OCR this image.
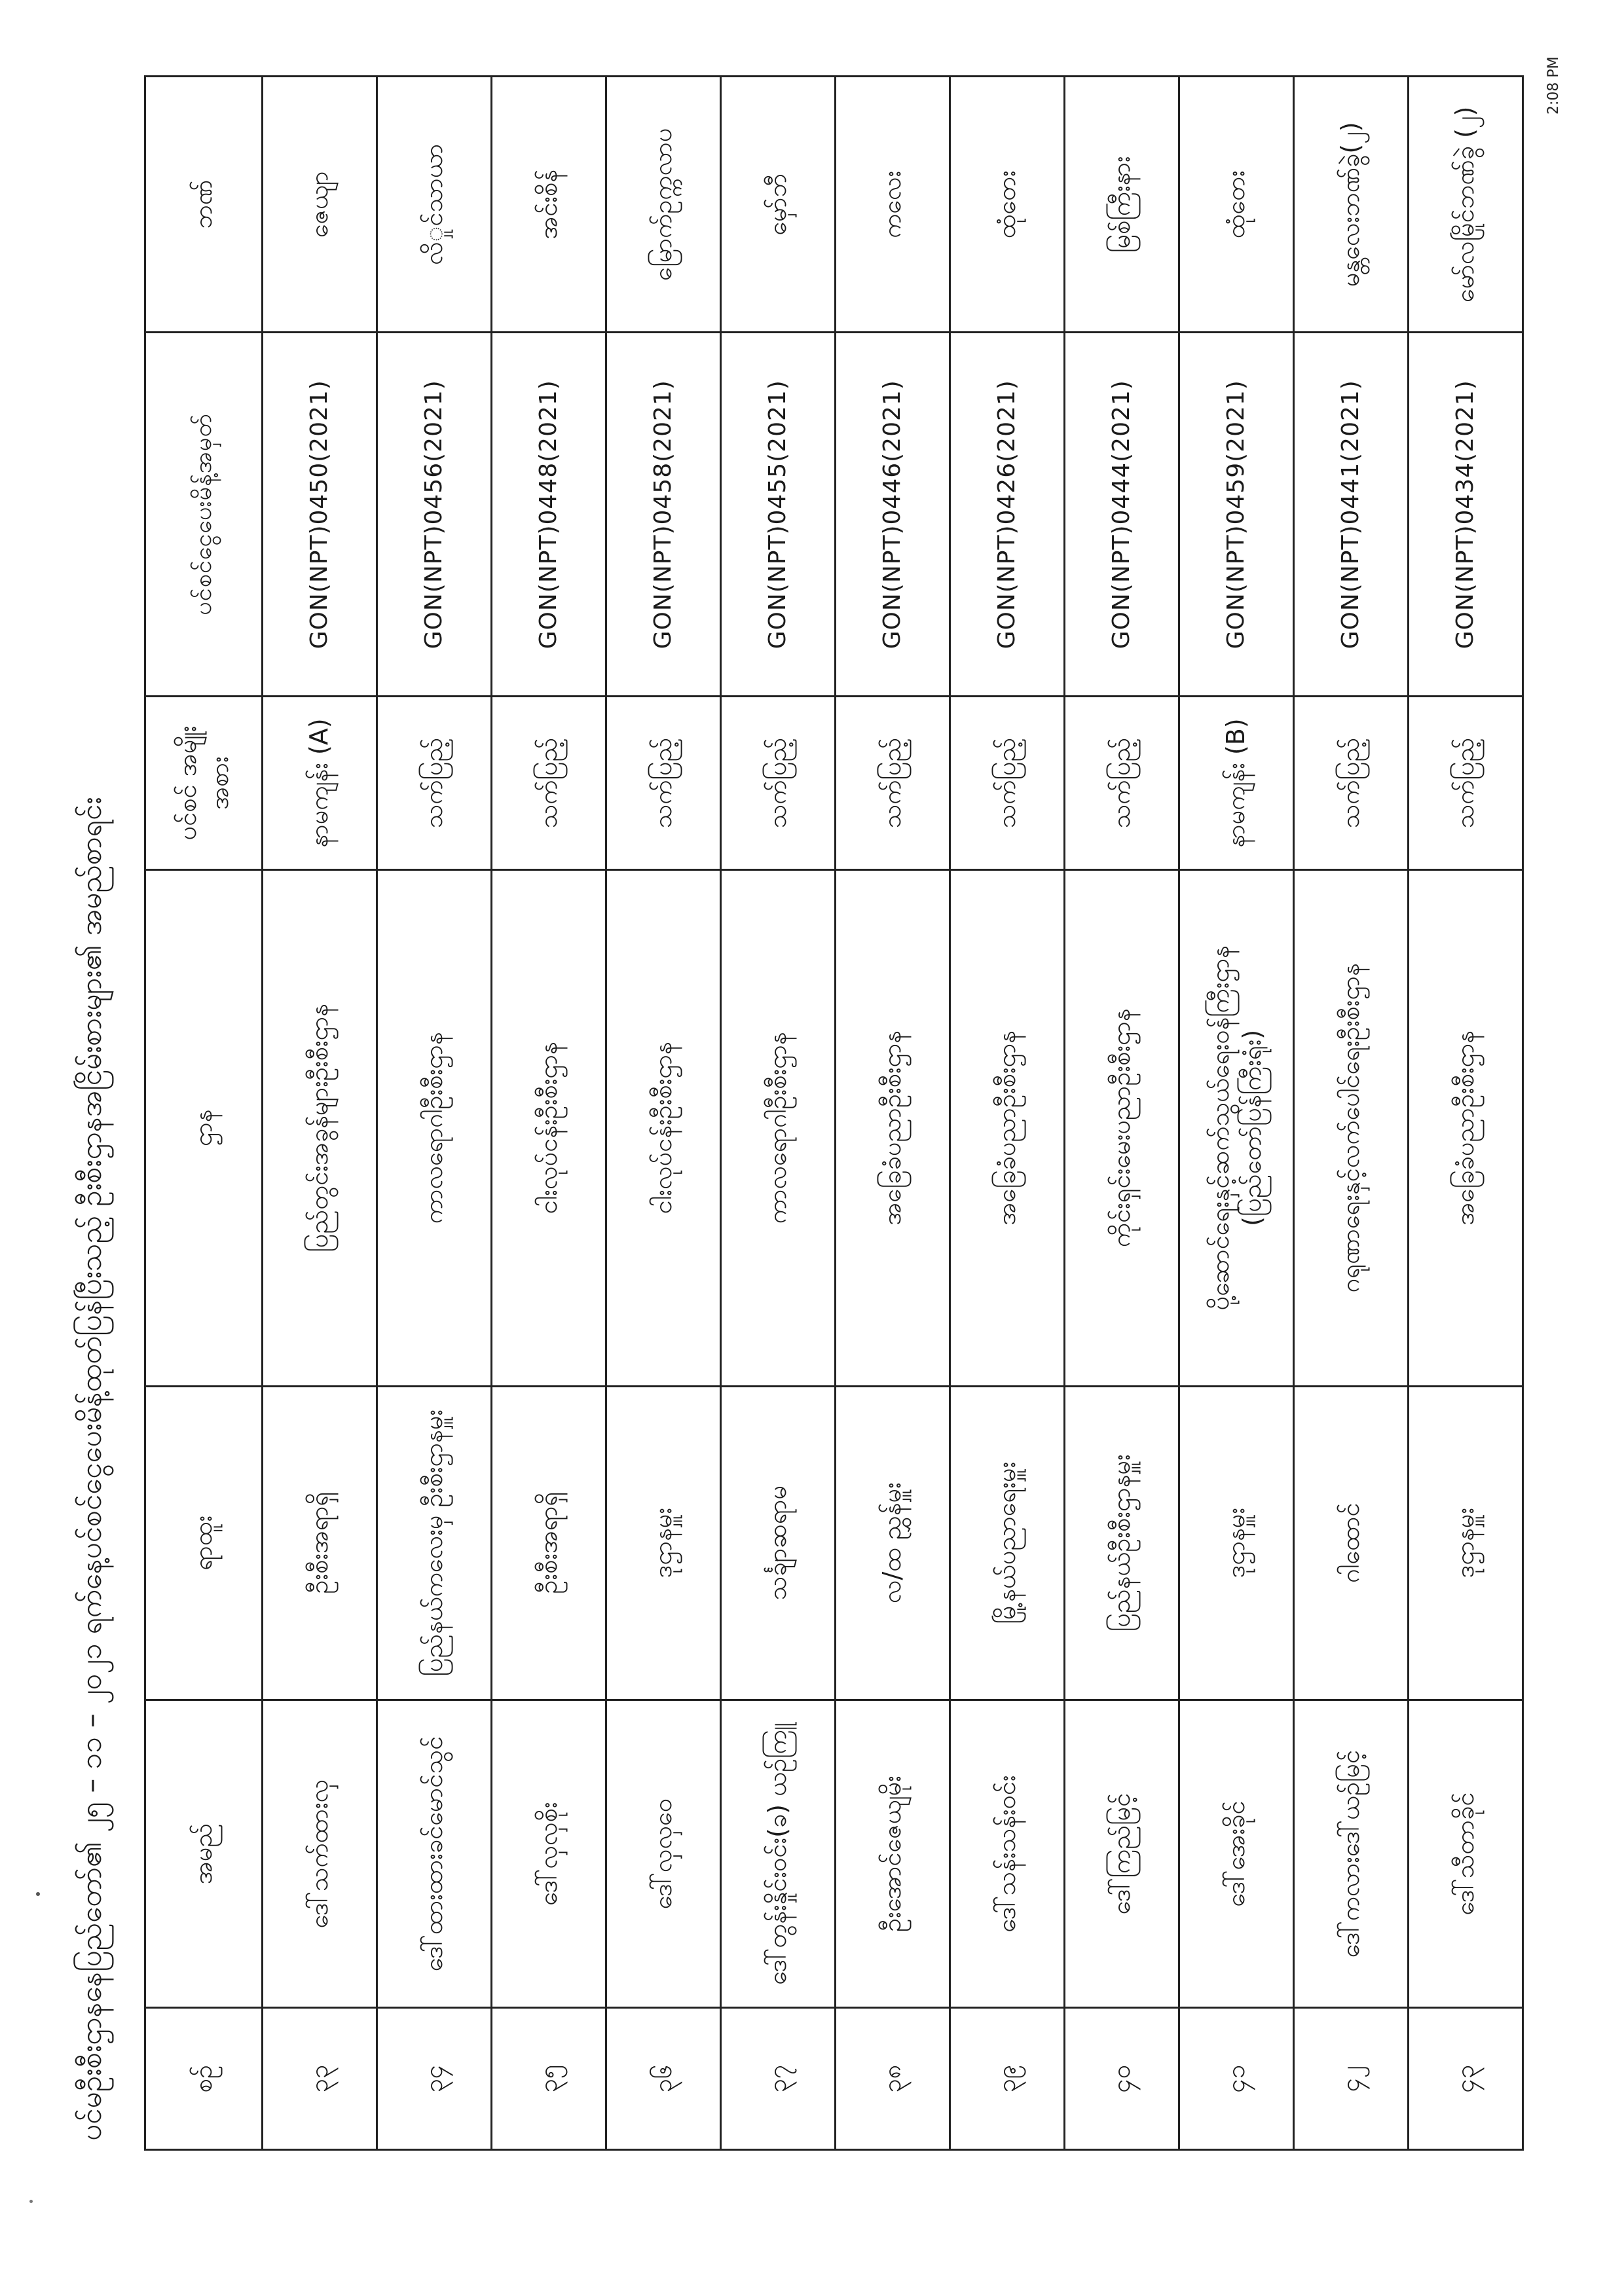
ပင်မဦးစီးဌာနနေပြည်တော်၏ ၂၅ – ၁၁ – ၂၀၂၁ ရက်နေ့ပင်စင်ငွေပေးမိန့်ထုတ်ပြန်ပြီးသည့် ဦးစီးဌာနအငြိမ်းစားများ၏ အမည်စာရင်း	စဉ်	အမည်	ရာထူး	ဌာန	ပင်စင် အမျိုးအစား	ပင်စင်ငွေပေးမိန့်အမှတ်	ဘဏ်
၃၃	ဒေါ်သက်ထားလှ	ဦးစီးအရာရှိ	ပြည်တွင်းအခွန်များဦးစီးဌာန	နာမကျန်း (A)	GON(NPT)0450(2021)	ဇေယျာ
၃၄	ဒေါ်ထားထားခင်မောင်သွင်	ပြည်နယ်ကလေးမှ ဦးစီးဌာနမှူး	ကာလရောဂါဦးစီးဌာန	သက်ပြည့်	GON(NPT)0456(2021)	လိှုင်သာယာ
၃၅	ဒေါ်လှလှစိုး	ဦးစီးအရာရှိ	ငါးလုပ်ငန်းဦးစီးဌာန	သက်ပြည့်	GON(NPT)0448(2021)	အင်းစိန်
၃၆	ဒေါ်လှလှဝေ	ဒုဌာနမှူး	ငါးလုပ်ငန်းဦးစီးဌာန	သက်ပြည့်	GON(NPT)0458(2021)	မြောက်ဥက္ကလာပ
၃၇	ဒေါ်တွန်းနှိုင်းဝင်း(ခ) ယဉ်ကြူ	သင်္ချာဆရာမ	ကာလရောဂါဦးစီးဌာန	သက်ပြည့်	GON(NPT)0455(2021)	မှော်ဘီ
၃၈	ဦးအောင်ဇေယျမိုး	လ/ထ ညွှန်မှူး	အခြေခံပညာဦးစီးဌာန	သက်ပြည့်	GON(NPT)0446(2021)	ကလေး
၃၉	ဒေါ်သန်းသန်းဝင်း	မြို့နယ်ပညာရေးမှူး	အခြေခံပညာဦးစီးဌာန	သက်ပြည့်	GON(NPT)0426(2021)	ထုံတေး
၄၀	ဒေါ်ကြည်မြင့်	ပြည်နယ်ဦးစီးဌာနမှူး	ကိုင်းရှင်းမေးပညာဦးစီးဌာန	သက်ပြည့်	GON(NPT)0444(2021)	မြစ်ကြီးနား
၄၁	ဒေါ်အေးခိုင်	ဒုဌာနမှူး	ပို့ဆောင်ရေးနှင့်ဆက်သွယ်ရေးဝန်ကြီးဌာန (ပြည်တော်ပြန်ကြီးရုံး)	နာမကျန်း (B)	GON(NPT)0459(2021)	ထုံတေး
၄၂	ဒေါ်ကလားဒေါ်ယဉ်မြင့်	ဂါထောင်	ဂရုဏာရေးနှင့်လက်ပေါင်ရေးဦးစီးဌာန	သက်ပြည့်	GON(NPT)0441(2021)	မန္တလေးဘဏ်ခွဲ(၂)
၄၃	ဒေါ်သီတာခိုင်	ဒုဌာနမှူး	အခြေခံပညာဦးစီးဌာန	သက်ပြည့်	GON(NPT)0434(2021)	မော်လမြိုင်ဘဏ်ခွဲ (၂)
2:08 PM
